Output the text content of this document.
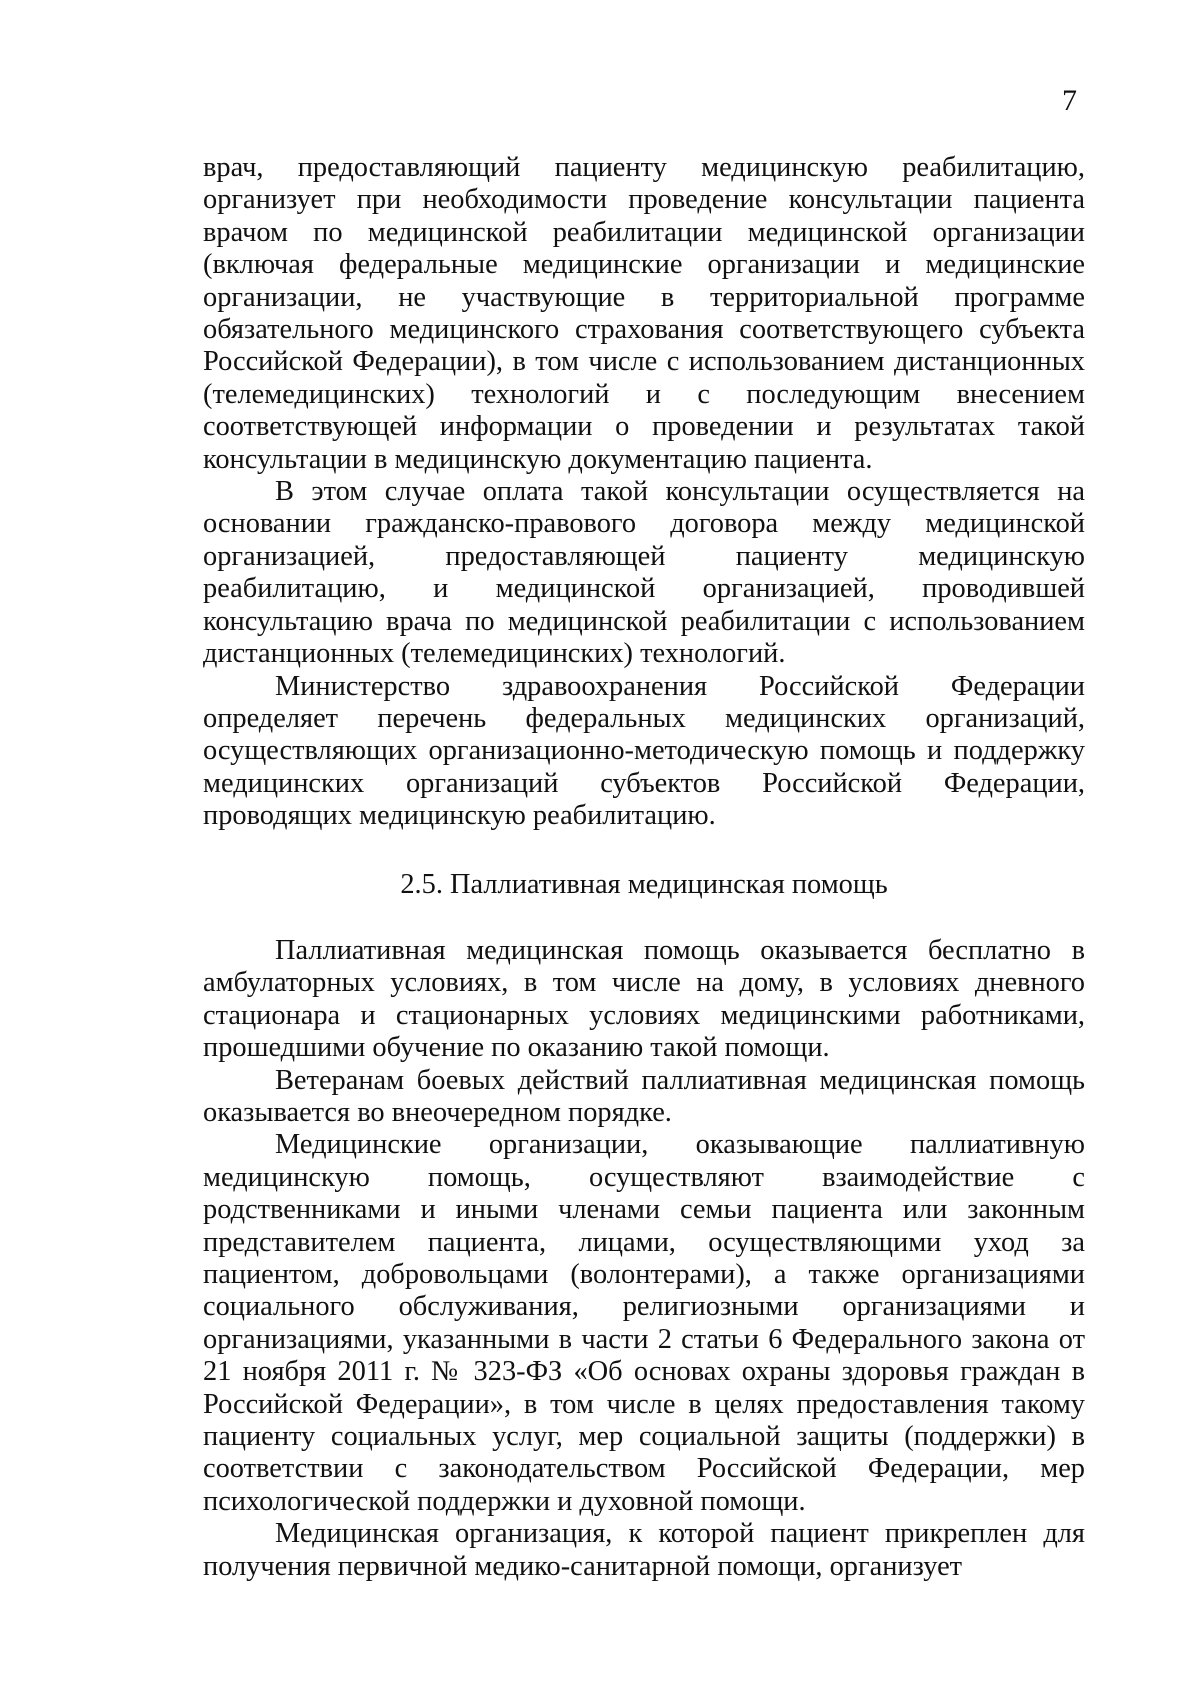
7

врач, предоставляющий пациенту медицинскую реабилитацию, организует при необходимости проведение консультации пациента врачом по медицинской реабилитации медицинской организации (включая федеральные медицинские организации и медицинские организации, не участвующие в территориальной программе обязательного медицинского страхования соответствующего субъекта Российской Федерации), в том числе с использованием дистанционных (телемедицинских) технологий и с последующим внесением соответствующей информации о проведении и результатах такой консультации в медицинскую документацию пациента.

В этом случае оплата такой консультации осуществляется на основании гражданско-правового договора между медицинской организацией, предоставляющей пациенту медицинскую реабилитацию, и медицинской организацией, проводившей консультацию врача по медицинской реабилитации с использованием дистанционных (телемедицинских) технологий.

Министерство здравоохранения Российской Федерации определяет перечень федеральных медицинских организаций, осуществляющих организационно-методическую помощь и поддержку медицинских организаций субъектов Российской Федерации, проводящих медицинскую реабилитацию.

2.5. Паллиативная медицинская помощь

Паллиативная медицинская помощь оказывается бесплатно в амбулаторных условиях, в том числе на дому, в условиях дневного стационара и стационарных условиях медицинскими работниками, прошедшими обучение по оказанию такой помощи.

Ветеранам боевых действий паллиативная медицинская помощь оказывается во внеочередном порядке.

Медицинские организации, оказывающие паллиативную медицинскую помощь, осуществляют взаимодействие с родственниками и иными членами семьи пациента или законным представителем пациента, лицами, осуществляющими уход за пациентом, добровольцами (волонтерами), а также организациями социального обслуживания, религиозными организациями и организациями, указанными в части 2 статьи 6 Федерального закона от 21 ноября 2011 г. № 323-ФЗ «Об основах охраны здоровья граждан в Российской Федерации», в том числе в целях предоставления такому пациенту социальных услуг, мер социальной защиты (поддержки) в соответствии с законодательством Российской Федерации, мер психологической поддержки и духовной помощи.

Медицинская организация, к которой пациент прикреплен для получения первичной медико-санитарной помощи, организует
